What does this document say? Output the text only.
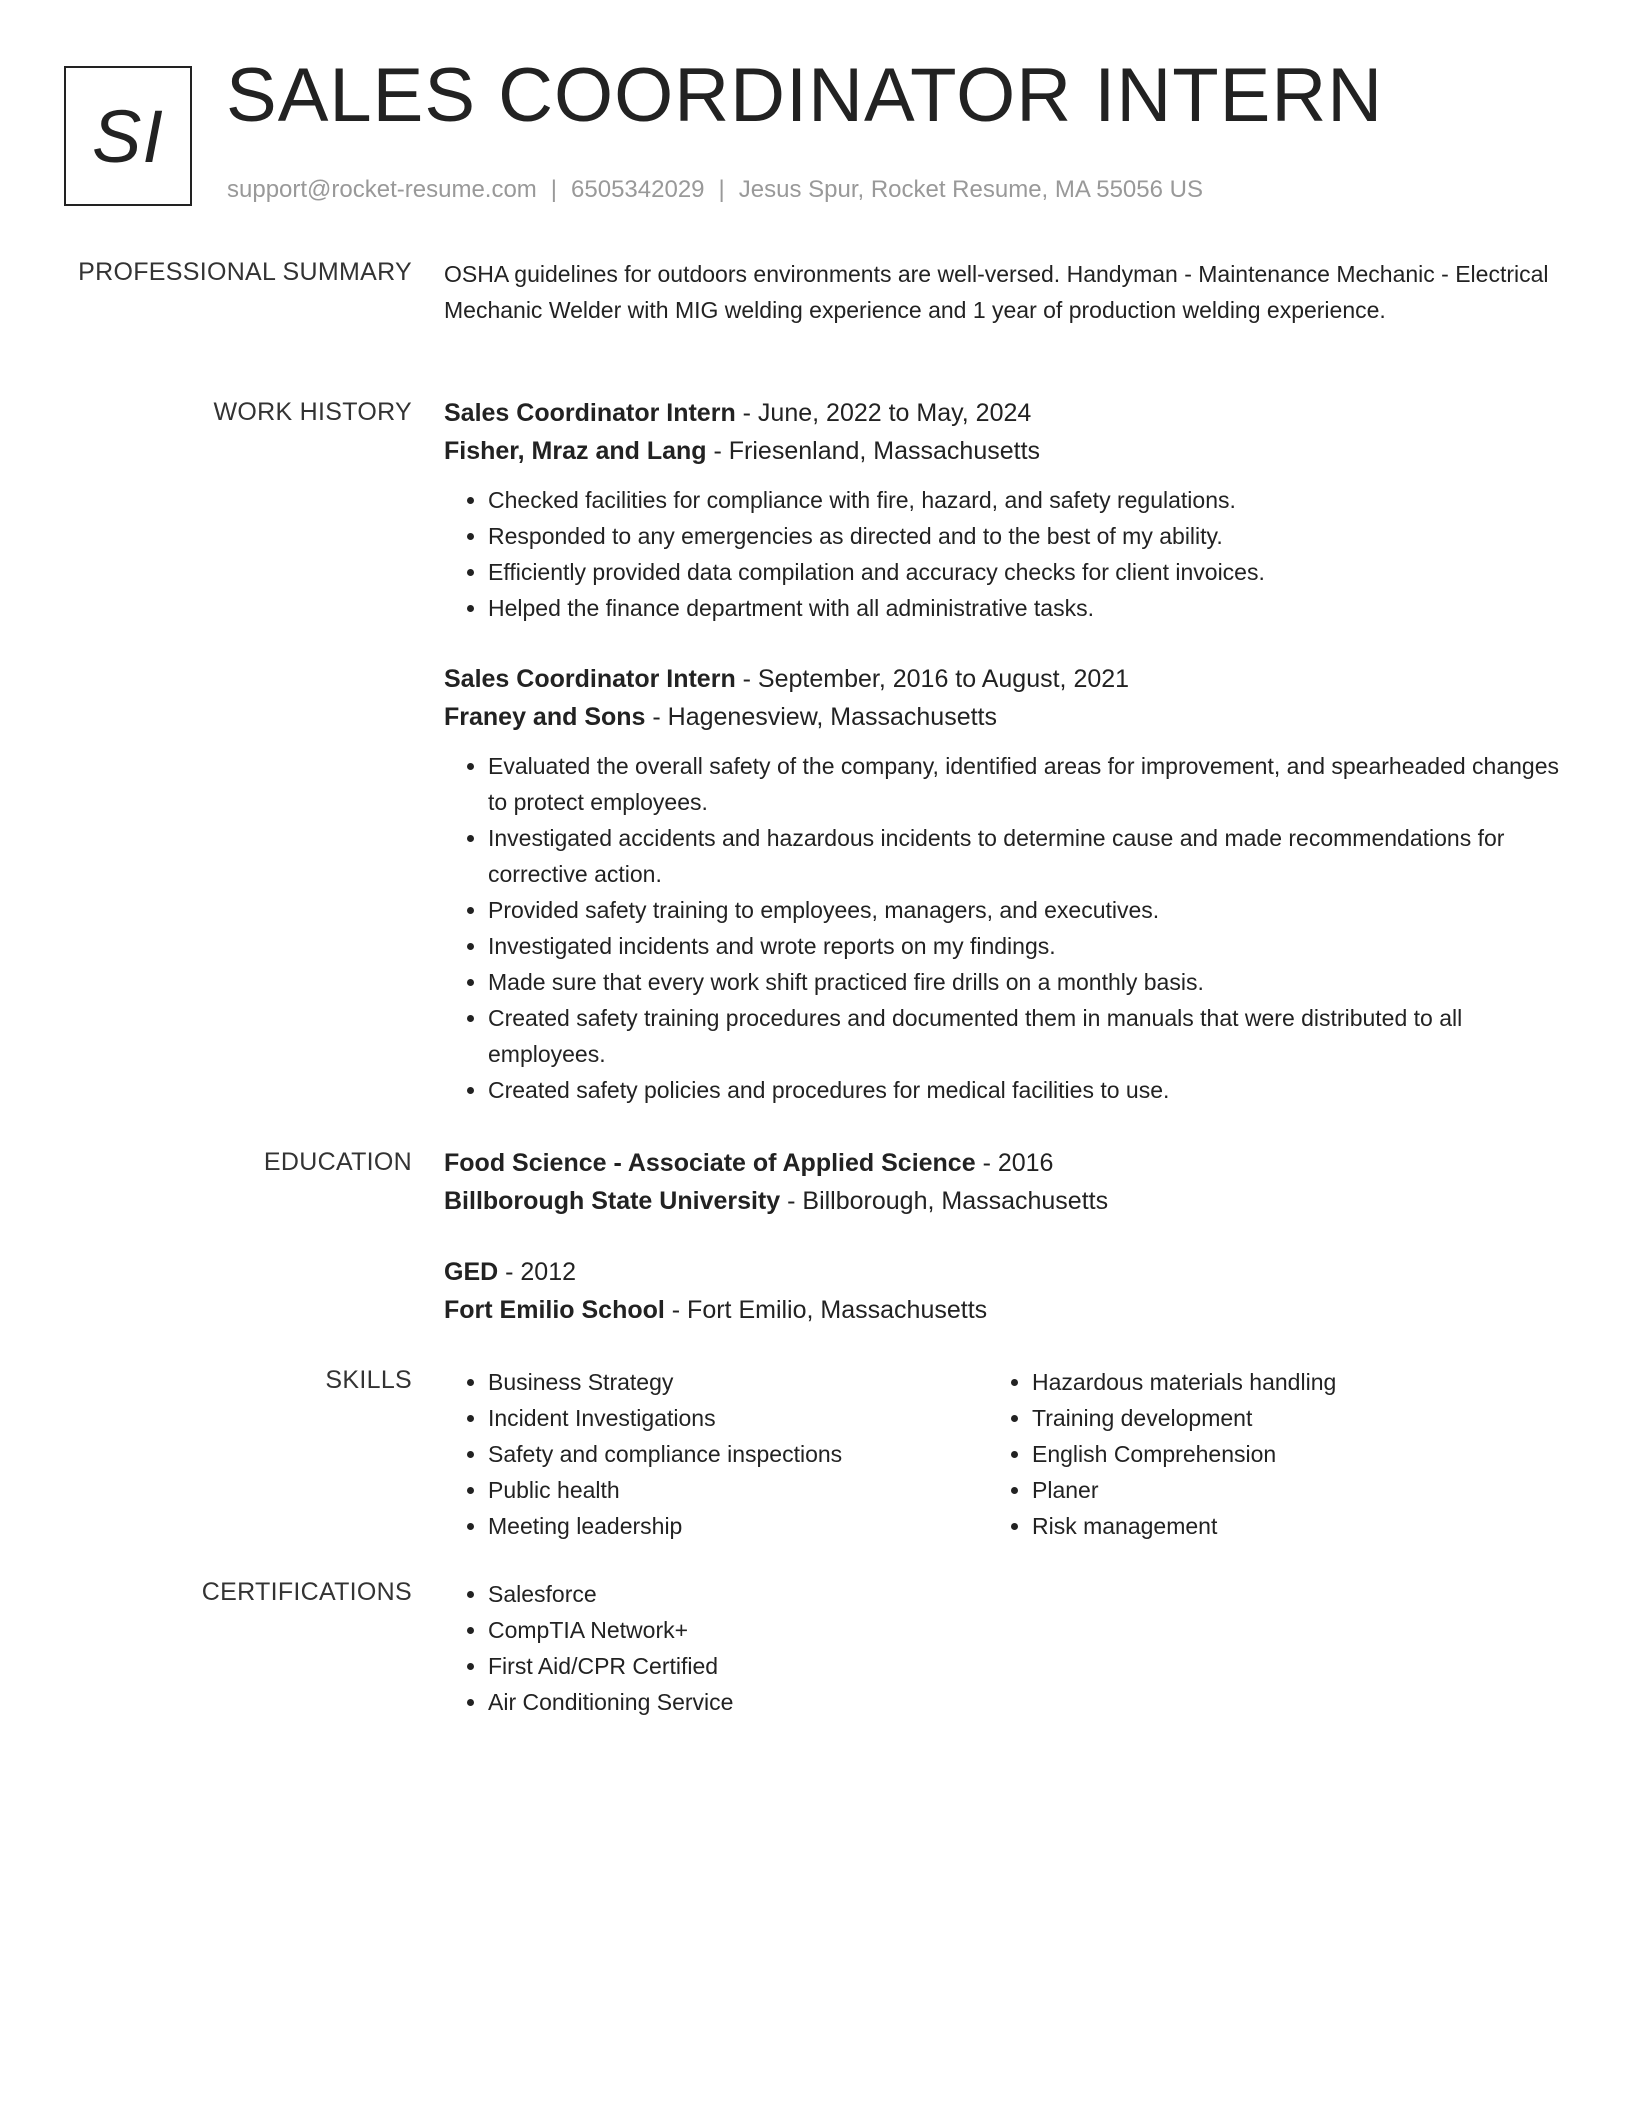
SI SALES COORDINATOR INTERN
support@rocket-resume.com | 6505342029 | Jesus Spur, Rocket Resume, MA 55056 US
PROFESSIONAL SUMMARY OSHA guidelines for outdoors environments are well-versed. Handyman - Maintenance Mechanic - Electrical Mechanic Welder with MIG welding experience and 1 year of production welding experience.

WORK HISTORY Sales Coordinator Intern - June, 2022 to May, 2024

Fisher, Mraz and Lang - Friesenland, Massachusetts

• Checked facilities for compliance with fire, hazard, and safety regulations.
• Responded to any emergencies as directed and to the best of my ability.
• Efficiently provided data compilation and accuracy checks for client invoices.
• Helped the finance department with all administrative tasks.

Sales Coordinator Intern - September, 2016 to August, 2021

Franey and Sons - Hagenesview, Massachusetts

• Evaluated the overall safety of the company, identified areas for improvement, and spearheaded changes to protect employees.
• Investigated accidents and hazardous incidents to determine cause and made recommendations for corrective action.
• Provided safety training to employees, managers, and executives.
• Investigated incidents and wrote reports on my findings.
• Made sure that every work shift practiced fire drills on a monthly basis.
• Created safety training procedures and documented them in manuals that were distributed to all employees.
• Created safety policies and procedures for medical facilities to use.
EDUCATION Food Science - Associate of Applied Science - 2016

Billborough State University - Billborough, Massachusetts

GED - 2012

Fort Emilio School - Fort Emilio, Massachusetts

SKILLS	• Business Strategy
• Incident Investigations
• Safety and compliance inspections
• Public health
• Meeting leadership
• Hazardous materials handling
• Training development
• English Comprehension
• Planer
• Risk management
CERTIFICATIONS	• Salesforce
• CompTIA Network+
• First Aid/CPR Certified
• Air Conditioning Service
